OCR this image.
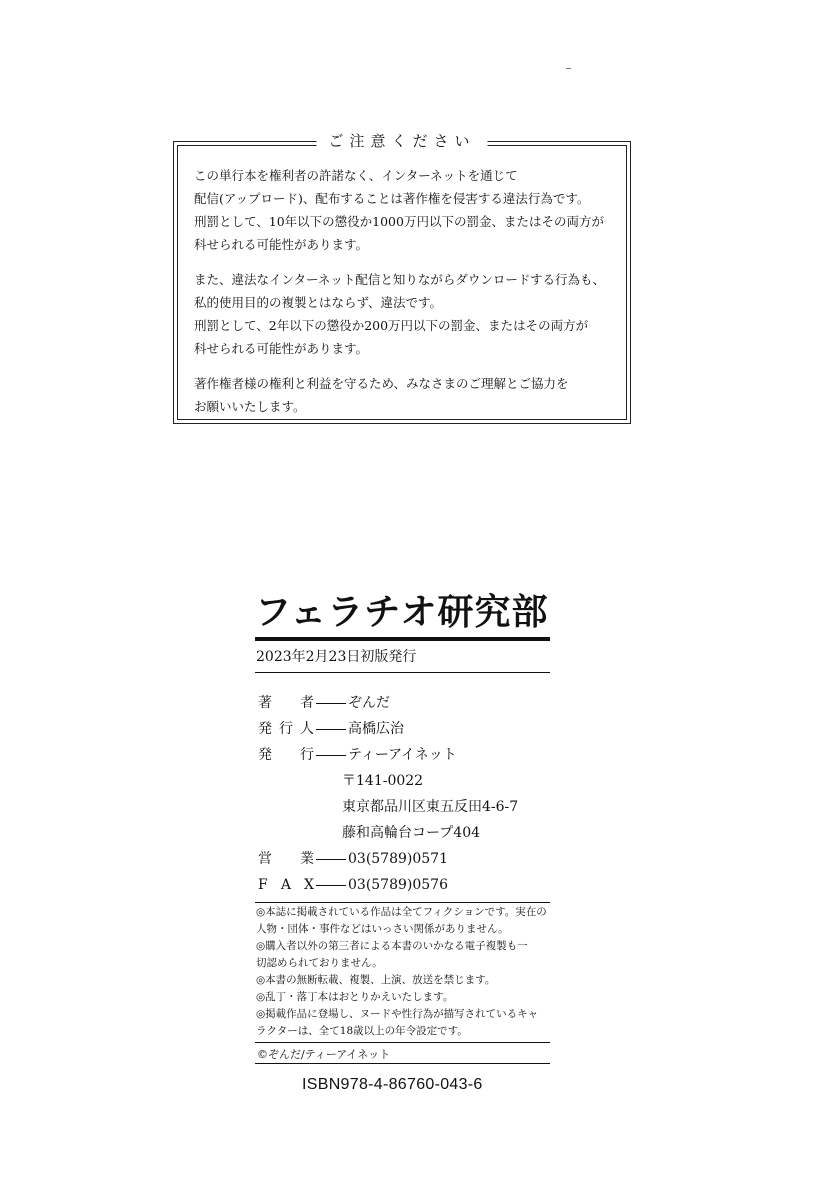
ご注意ください
この単行本を権利者の許諾なく、インターネットを通じて
配信(アップロード)、配布することは著作権を侵害する違法行為です。
刑罰として、10年以下の懲役か1000万円以下の罰金、またはその両方が
科せられる可能性があります。
また、違法なインターネット配信と知りながらダウンロードする行為も、
私的使用目的の複製とはならず、違法です。
刑罰として、2年以下の懲役か200万円以下の罰金、またはその両方が
科せられる可能性があります。
著作権者様の権利と利益を守るため、みなさまのご理解とご協力を
お願いいたします。
フェラチオ研究部
2023年2月23日初版発行
著 者 ぞんだ
発行人 高橋広治
発 行 ティーアイネット
〒141-0022
東京都品川区東五反田4-6-7
藤和高輪台コープ404
営 業 03(5789)0571
F A X 03(5789)0576
◎本誌に掲載されている作品は全てフィクションです。実在の
人物・団体・事件などはいっさい関係がありません。
◎購入者以外の第三者による本書のいかなる電子複製も一
切認められておりません。
◎本書の無断転載、複製、上演、放送を禁じます。
◎乱丁・落丁本はおとりかえいたします。
◎掲載作品に登場し、ヌードや性行為が描写されているキャ
ラクターは、全て18歳以上の年令設定です。
©ぞんだ/ティーアイネット
ISBN978-4-86760-043-6
